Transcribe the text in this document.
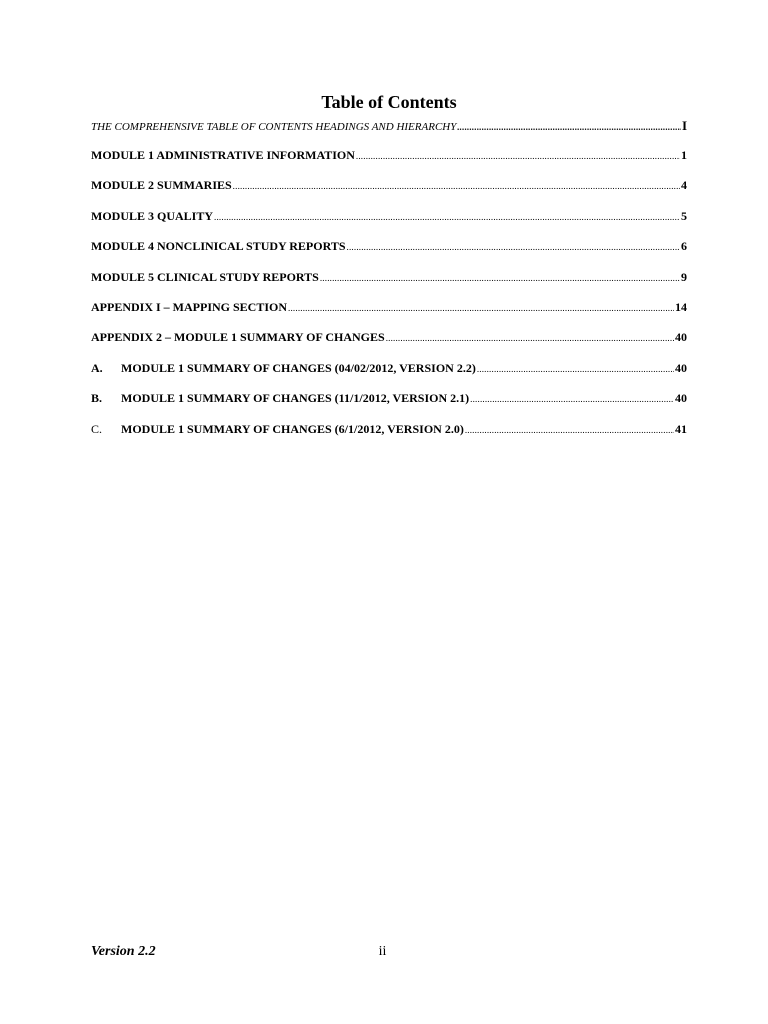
Table of Contents
THE COMPREHENSIVE TABLE OF CONTENTS HEADINGS AND HIERARCHY .....	I
MODULE 1 ADMINISTRATIVE INFORMATION .....	1
MODULE 2 SUMMARIES .....	4
MODULE 3 QUALITY .....	5
MODULE 4 NONCLINICAL STUDY REPORTS .....	6
MODULE 5 CLINICAL STUDY REPORTS .....	9
APPENDIX I – MAPPING SECTION .....	14
APPENDIX 2 – MODULE 1 SUMMARY OF CHANGES .....	40
A.	MODULE 1 SUMMARY OF CHANGES (04/02/2012, VERSION 2.2) .....	40
B.	MODULE 1 SUMMARY OF CHANGES (11/1/2012, VERSION 2.1) .....	40
C.	MODULE 1 SUMMARY OF CHANGES (6/1/2012, VERSION 2.0) .....	41
Version 2.2	ii
